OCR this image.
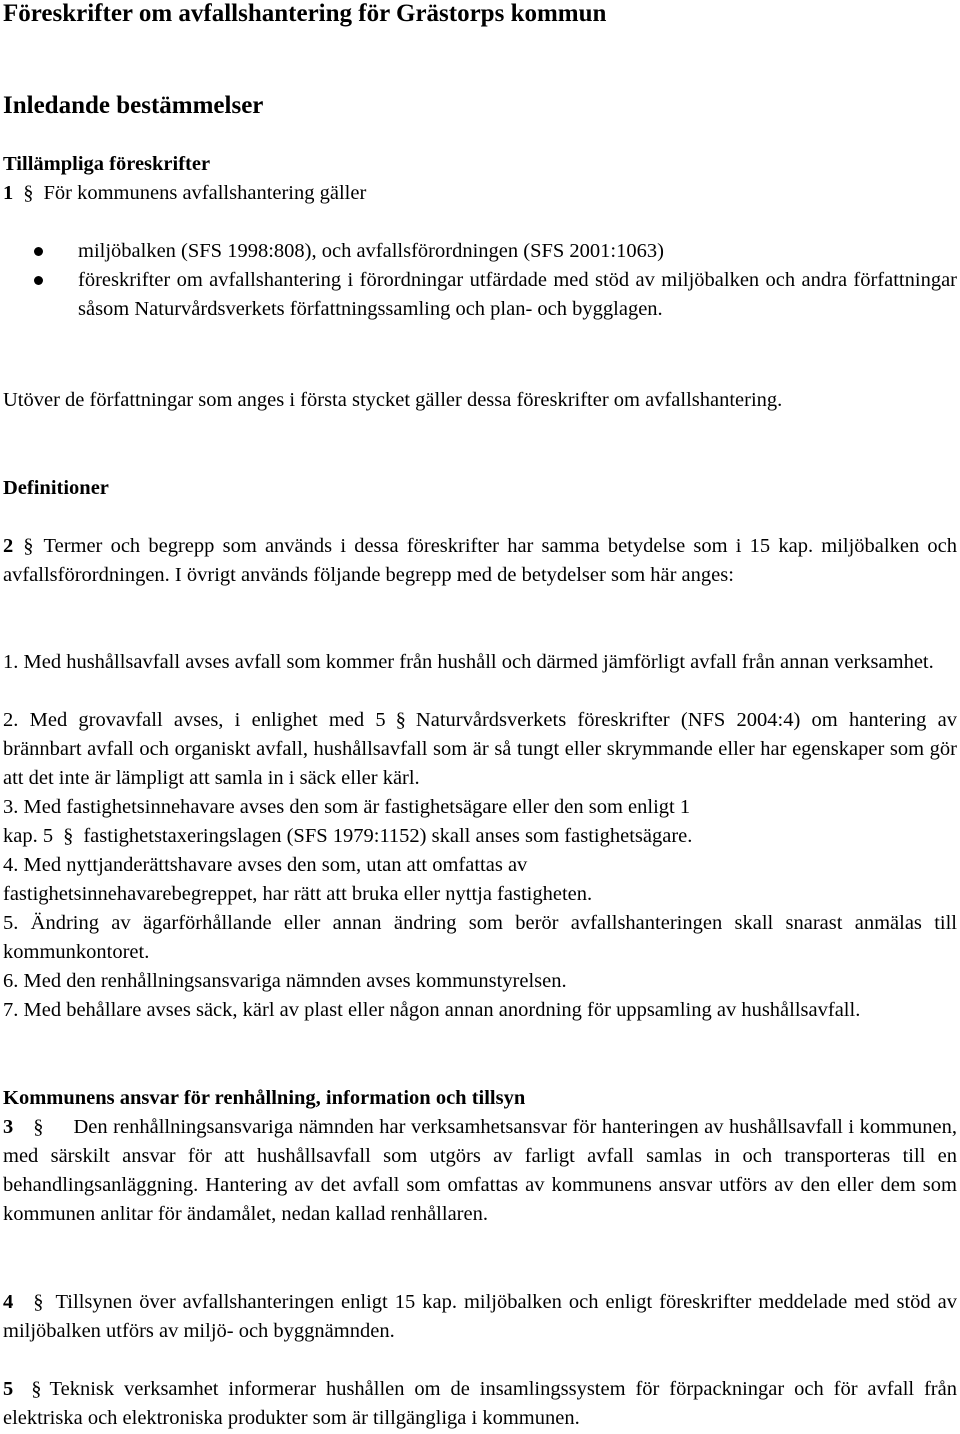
Föreskrifter om avfallshantering för Grästorps kommun
Inledande bestämmelser
Tillämpliga föreskrifter
1 § För kommunens avfallshantering gäller
miljöbalken (SFS 1998:808), och avfallsförordningen (SFS 2001:1063)
föreskrifter om avfallshantering i förordningar utfärdade med stöd av miljöbalken och andra författningar såsom Naturvårdsverkets författningssamling och plan- och bygglagen.
Utöver de författningar som anges i första stycket gäller dessa föreskrifter om avfallshantering.
Definitioner
2 § Termer och begrepp som används i dessa föreskrifter har samma betydelse som i 15 kap. miljöbalken och avfallsförordningen. I övrigt används följande begrepp med de betydelser som här anges:
1. Med hushållsavfall avses avfall som kommer från hushåll och därmed jämförligt avfall från annan verksamhet.
2. Med grovavfall avses, i enlighet med 5 § Naturvårdsverkets föreskrifter (NFS 2004:4) om hantering av brännbart avfall och organiskt avfall, hushållsavfall som är så tungt eller skrymmande eller har egenskaper som gör att det inte är lämpligt att samla in i säck eller kärl.
3. Med fastighetsinnehavare avses den som är fastighetsägare eller den som enligt 1
kap. 5 § fastighetstaxeringslagen (SFS 1979:1152) skall anses som fastighetsägare.
4. Med nyttjanderättshavare avses den som, utan att omfattas av
fastighetsinnehavarebegreppet, har rätt att bruka eller nyttja fastigheten.
5. Ändring av ägarförhållande eller annan ändring som berör avfallshanteringen skall snarast anmälas till kommunkontoret.
6. Med den renhållningsansvariga nämnden avses kommunstyrelsen.
7. Med behållare avses säck, kärl av plast eller någon annan anordning för uppsamling av hushållsavfall.
Kommunens ansvar för renhållning, information och tillsyn
3 § Den renhållningsansvariga nämnden har verksamhetsansvar för hanteringen av hushållsavfall i kommunen, med särskilt ansvar för att hushållsavfall som utgörs av farligt avfall samlas in och transporteras till en behandlingsanläggning. Hantering av det avfall som omfattas av kommunens ansvar utförs av den eller dem som kommunen anlitar för ändamålet, nedan kallad renhållaren.
4 § Tillsynen över avfallshanteringen enligt 15 kap. miljöbalken och enligt föreskrifter meddelade med stöd av miljöbalken utförs av miljö- och byggnämnden.
5 § Teknisk verksamhet informerar hushållen om de insamlingssystem för förpackningar och för avfall från elektriska och elektroniska produkter som är tillgängliga i kommunen.
